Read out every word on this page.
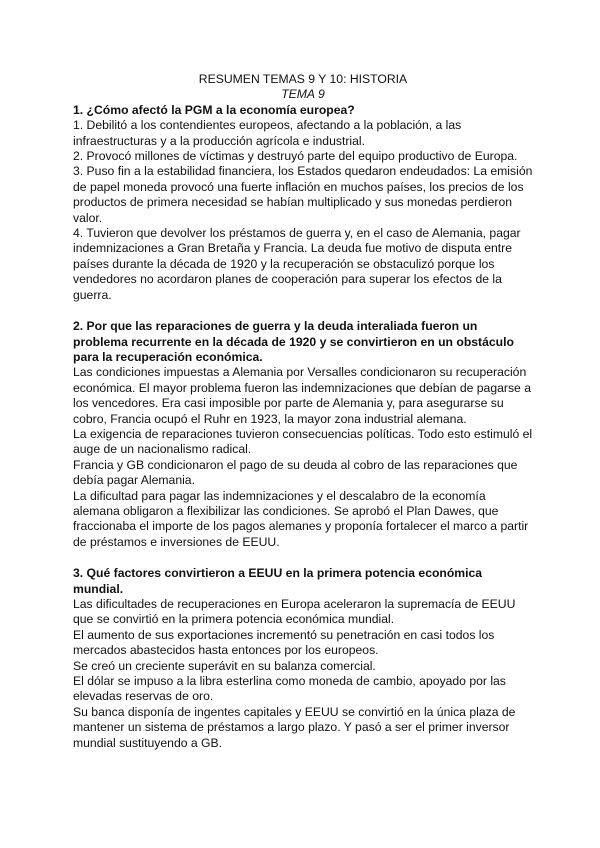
RESUMEN TEMAS 9 Y 10: HISTORIA

TEMA 9

1. ¿Cómo afectó la PGM a la economía europea?

1. Debilitó a los contendientes europeos, afectando a la población, a las infraestructuras y a la producción agrícola e industrial.

2. Provocó millones de víctimas y destruyó parte del equipo productivo de Europa.

3. Puso fin a la estabilidad financiera, los Estados quedaron endeudados: La emisión de papel moneda provocó una fuerte inflación en muchos países, los precios de los productos de primera necesidad se habían multiplicado y sus monedas perdieron valor.

4. Tuvieron que devolver los préstamos de guerra y, en el caso de Alemania, pagar indemnizaciones a Gran Bretaña y Francia. La deuda fue motivo de disputa entre países durante la década de 1920 y la recuperación se obstaculizó porque los vendedores no acordaron planes de cooperación para superar los efectos de la guerra.

2. Por que las reparaciones de guerra y la deuda interaliada fueron un problema recurrente en la década de 1920 y se convirtieron en un obstáculo para la recuperación económica.

Las condiciones impuestas a Alemania por Versalles condicionaron su recuperación económica. El mayor problema fueron las indemnizaciones que debían de pagarse a los vencedores. Era casi imposible por parte de Alemania y, para asegurarse su cobro, Francia ocupó el Ruhr en 1923, la mayor zona industrial alemana.

La exigencia de reparaciones tuvieron consecuencias políticas. Todo esto estimuló el auge de un nacionalismo radical.

Francia y GB condicionaron el pago de su deuda al cobro de las reparaciones que debía pagar Alemania.

La dificultad para pagar las indemnizaciones y el descalabro de la economía alemana obligaron a flexibilizar las condiciones. Se aprobó el Plan Dawes, que fraccionaba el importe de los pagos alemanes y proponía fortalecer el marco a partir de préstamos e inversiones de EEUU.

3. Qué factores convirtieron a EEUU en la primera potencia económica mundial.

Las dificultades de recuperaciones en Europa aceleraron la supremacía de EEUU que se convirtió en la primera potencia económica mundial.

El aumento de sus exportaciones incrementó su penetración en casi todos los mercados abastecidos hasta entonces por los europeos.

Se creó un creciente superávit en su balanza comercial.

El dólar se impuso a la libra esterlina como moneda de cambio, apoyado por las elevadas reservas de oro.

Su banca disponía de ingentes capitales y EEUU se convirtió en la única plaza de mantener un sistema de préstamos a largo plazo. Y pasó a ser el primer inversor mundial sustituyendo a GB.
